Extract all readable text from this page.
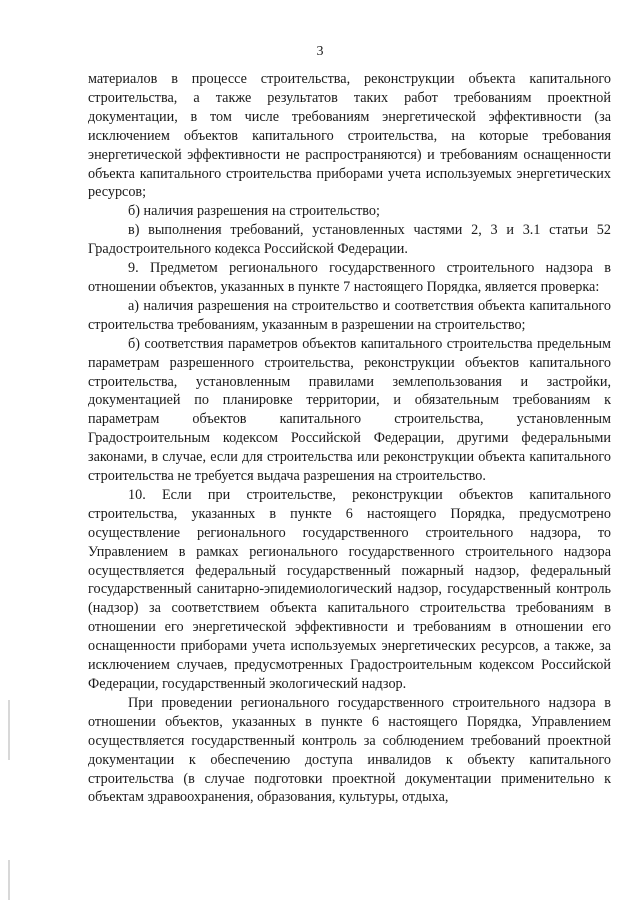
3

материалов в процессе строительства, реконструкции объекта капитального строительства, а также результатов таких работ требованиям проектной документации, в том числе требованиям энергетической эффективности (за исключением объектов капитального строительства, на которые требования энергетической эффективности не распространяются) и требованиям оснащенности объекта капитального строительства приборами учета используемых энергетических ресурсов;

б) наличия разрешения на строительство;

в) выполнения требований, установленных частями 2, 3 и 3.1 статьи 52 Градостроительного кодекса Российской Федерации.

9. Предметом регионального государственного строительного надзора в отношении объектов, указанных в пункте 7 настоящего Порядка, является проверка:

а) наличия разрешения на строительство и соответствия объекта капитального строительства требованиям, указанным в разрешении на строительство;

б) соответствия параметров объектов капитального строительства предельным параметрам разрешенного строительства, реконструкции объектов капитального строительства, установленным правилами землепользования и застройки, документацией по планировке территории, и обязательным требованиям к параметрам объектов капитального строительства, установленным Градостроительным кодексом Российской Федерации, другими федеральными законами, в случае, если для строительства или реконструкции объекта капитального строительства не требуется выдача разрешения на строительство.

10. Если при строительстве, реконструкции объектов капитального строительства, указанных в пункте 6 настоящего Порядка, предусмотрено осуществление регионального государственного строительного надзора, то Управлением в рамках регионального государственного строительного надзора осуществляется федеральный государственный пожарный надзор, федеральный государственный санитарно-эпидемиологический надзор, государственный контроль (надзор) за соответствием объекта капитального строительства требованиям в отношении его энергетической эффективности и требованиям в отношении его оснащенности приборами учета используемых энергетических ресурсов, а также, за исключением случаев, предусмотренных Градостроительным кодексом Российской Федерации, государственный экологический надзор.

При проведении регионального государственного строительного надзора в отношении объектов, указанных в пункте 6 настоящего Порядка, Управлением осуществляется государственный контроль за соблюдением требований проектной документации к обеспечению доступа инвалидов к объекту капитального строительства (в случае подготовки проектной документации применительно к объектам здравоохранения, образования, культуры, отдыха,
